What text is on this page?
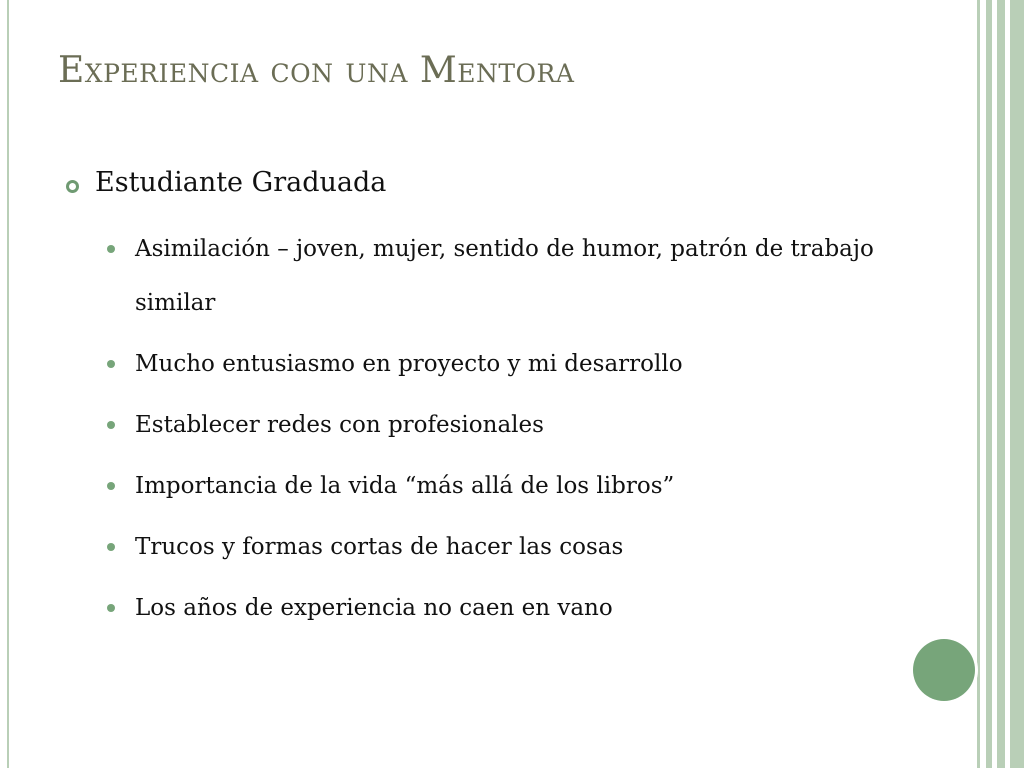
Experiencia con una Mentora
Estudiante Graduada
Asimilación – joven, mujer, sentido de humor, patrón de trabajo similar
Mucho entusiasmo en proyecto y mi desarrollo
Establecer redes con profesionales
Importancia de la vida “más allá de los libros”
Trucos y formas cortas de hacer las cosas
Los años de experiencia no caen en vano
